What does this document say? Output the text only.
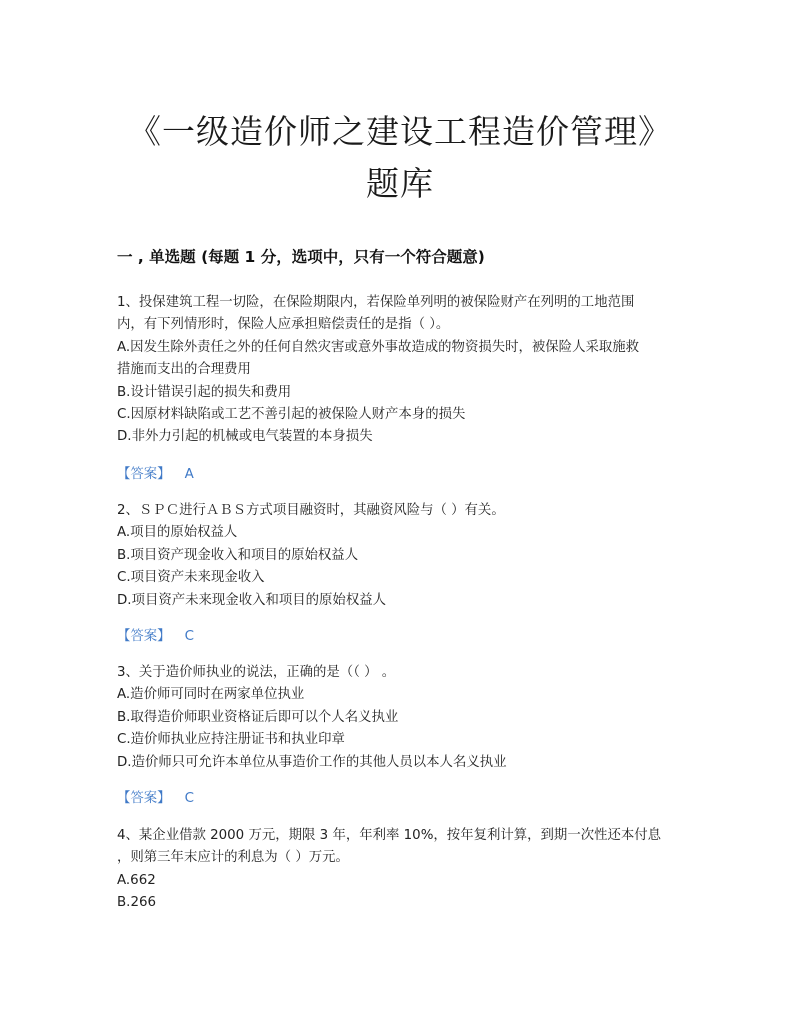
《一级造价师之建设工程造价管理》
题库
一 , 单选题 (每题 1 分，选项中，只有一个符合题意)
1、投保建筑工程一切险，在保险期限内，若保险单列明的被保险财产在列明的工地范围
内，有下列情形时，保险人应承担赔偿责任的是指（ ）。
A.因发生除外责任之外的任何自然灾害或意外事故造成的物资损失时，被保险人采取施救
措施而支出的合理费用
B.设计错误引起的损失和费用
C.因原材料缺陷或工艺不善引起的被保险人财产本身的损失
D.非外力引起的机械或电气装置的本身损失
【答案】 A
2、ＳＰＣ进行ＡＢＳ方式项目融资时，其融资风险与（ ）有关。
A.项目的原始权益人
B.项目资产现金收入和项目的原始权益人
C.项目资产未来现金收入
D.项目资产未来现金收入和项目的原始权益人
【答案】 C
3、关于造价师执业的说法，正确的是（（ ） 。
A.造价师可同时在两家单位执业
B.取得造价师职业资格证后即可以个人名义执业
C.造价师执业应持注册证书和执业印章
D.造价师只可允许本单位从事造价工作的其他人员以本人名义执业
【答案】 C
4、某企业借款 2000 万元，期限 3 年，年利率 10%，按年复利计算，到期一次性还本付息
，则第三年末应计的利息为（ ）万元。
A.662
B.266
